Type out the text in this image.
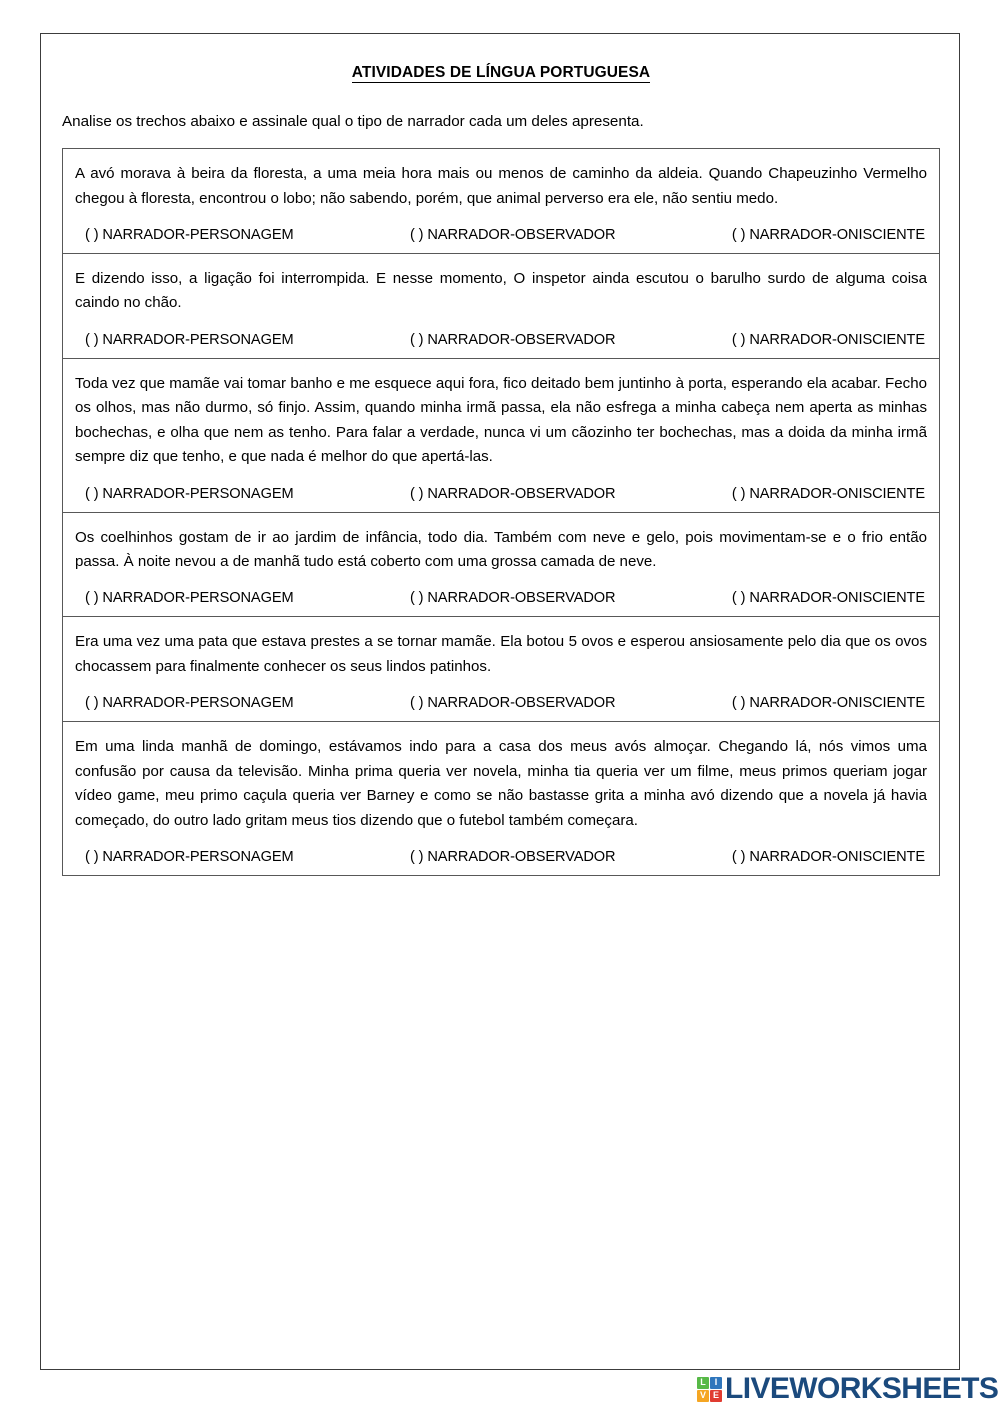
ATIVIDADES DE LÍNGUA PORTUGUESA
Analise os trechos abaixo e assinale qual o tipo de narrador cada um deles apresenta.

A avó morava à beira da floresta, a uma meia hora mais ou menos de caminho da aldeia. Quando Chapeuzinho Vermelho chegou à floresta, encontrou o lobo; não sabendo, porém, que animal perverso era ele, não sentiu medo.

( ) NARRADOR-PERSONAGEM	( ) NARRADOR-OBSERVADOR	( ) NARRADOR-ONISCIENTE

E dizendo isso, a ligação foi interrompida. E nesse momento, O inspetor ainda escutou o barulho surdo de alguma coisa caindo no chão.

( ) NARRADOR-PERSONAGEM	( ) NARRADOR-OBSERVADOR	( ) NARRADOR-ONISCIENTE

Toda vez que mamãe vai tomar banho e me esquece aqui fora, fico deitado bem juntinho à porta, esperando ela acabar. Fecho os olhos, mas não durmo, só finjo. Assim, quando minha irmã passa, ela não esfrega a minha cabeça nem aperta as minhas bochechas, e olha que nem as tenho. Para falar a verdade, nunca vi um cãozinho ter bochechas, mas a doida da minha irmã sempre diz que tenho, e que nada é melhor do que apertá-las.

( ) NARRADOR-PERSONAGEM	( ) NARRADOR-OBSERVADOR	( ) NARRADOR-ONISCIENTE

Os coelhinhos gostam de ir ao jardim de infância, todo dia. Também com neve e gelo, pois movimentam-se e o frio então passa. À noite nevou a de manhã tudo está coberto com uma grossa camada de neve.

( ) NARRADOR-PERSONAGEM	( ) NARRADOR-OBSERVADOR	( ) NARRADOR-ONISCIENTE

Era uma vez uma pata que estava prestes a se tornar mamãe. Ela botou 5 ovos e esperou ansiosamente pelo dia que os ovos chocassem para finalmente conhecer os seus lindos patinhos.

( ) NARRADOR-PERSONAGEM	( ) NARRADOR-OBSERVADOR	( ) NARRADOR-ONISCIENTE

Em uma linda manhã de domingo, estávamos indo para a casa dos meus avós almoçar. Chegando lá, nós vimos uma confusão por causa da televisão. Minha prima queria ver novela, minha tia queria ver um filme, meus primos queriam jogar vídeo game, meu primo caçula queria ver Barney e como se não bastasse grita a minha avó dizendo que a novela já havia começado, do outro lado gritam meus tios dizendo que o futebol também começara.

( ) NARRADOR-PERSONAGEM	( ) NARRADOR-OBSERVADOR	( ) NARRADOR-ONISCIENTE
L I
V E LIVEWORKSHEETS
